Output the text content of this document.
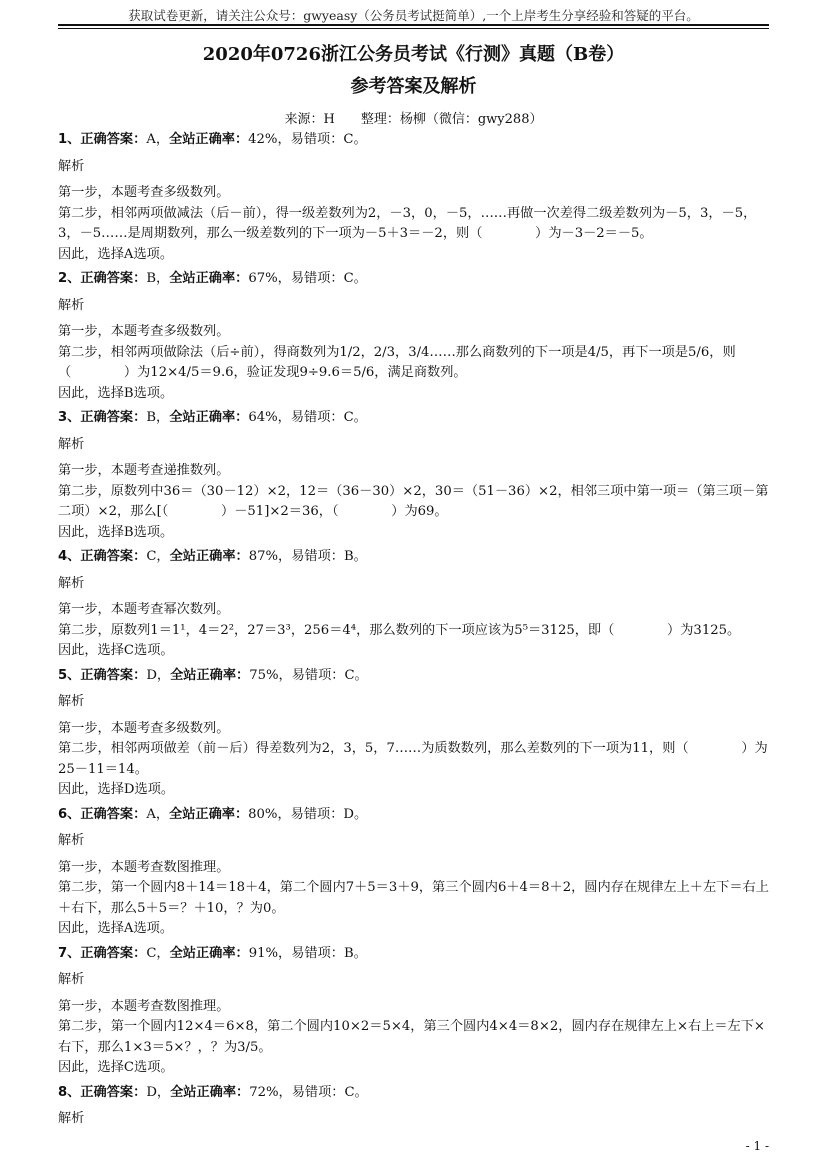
获取试卷更新，请关注公众号：gwyeasy（公务员考试挺简单）,一个上岸考生分享经验和答疑的平台。
2020年0726浙江公务员考试《行测》真题（B卷）
参考答案及解析
来源：H　　整理：杨柳（微信：gwy288）
1、正确答案：A，全站正确率：42%，易错项：C。
解析

第一步，本题考查多级数列。

第二步，相邻两项做减法（后－前），得一级差数列为2，－3，0，－5，……再做一次差得二级差数列为－5，3，－5，3，－5……是周期数列，那么一级差数列的下一项为－5＋3＝－2，则（　　　　）为－3－2＝－5。

因此，选择A选项。

2、正确答案：B，全站正确率：67%，易错项：C。
解析

第一步，本题考查多级数列。

第二步，相邻两项做除法（后÷前），得商数列为1/2，2/3，3/4……那么商数列的下一项是4/5，再下一项是5/6，则（　　　　）为12×4/5＝9.6，验证发现9÷9.6＝5/6，满足商数列。

因此，选择B选项。

3、正确答案：B，全站正确率：64%，易错项：C。
解析

第一步，本题考查递推数列。

第二步，原数列中36＝（30－12）×2，12＝（36－30）×2，30＝（51－36）×2，相邻三项中第一项＝（第三项－第二项）×2，那么[（　　　　）－51]×2＝36，（　　　　）为69。

因此，选择B选项。

4、正确答案：C，全站正确率：87%，易错项：B。
解析

第一步，本题考查幂次数列。

第二步，原数列1＝1¹，4＝2²，27＝3³，256＝4⁴，那么数列的下一项应该为5⁵＝3125，即（　　　　）为3125。

因此，选择C选项。

5、正确答案：D，全站正确率：75%，易错项：C。
解析

第一步，本题考查多级数列。

第二步，相邻两项做差（前－后）得差数列为2，3，5，7……为质数数列，那么差数列的下一项为11，则（　　　　）为25－11＝14。

因此，选择D选项。

6、正确答案：A，全站正确率：80%，易错项：D。
解析

第一步，本题考查数图推理。

第二步，第一个圆内8＋14＝18＋4，第二个圆内7＋5＝3＋9，第三个圆内6＋4＝8＋2，圆内存在规律左上＋左下＝右上＋右下，那么5＋5＝？＋10，？为0。

因此，选择A选项。

7、正确答案：C，全站正确率：91%，易错项：B。
解析

第一步，本题考查数图推理。

第二步，第一个圆内12×4＝6×8，第二个圆内10×2＝5×4，第三个圆内4×4＝8×2，圆内存在规律左上×右上＝左下×右下，那么1×3＝5×？，？为3/5。

因此，选择C选项。

8、正确答案：D，全站正确率：72%，易错项：C。
解析
- 1 -
